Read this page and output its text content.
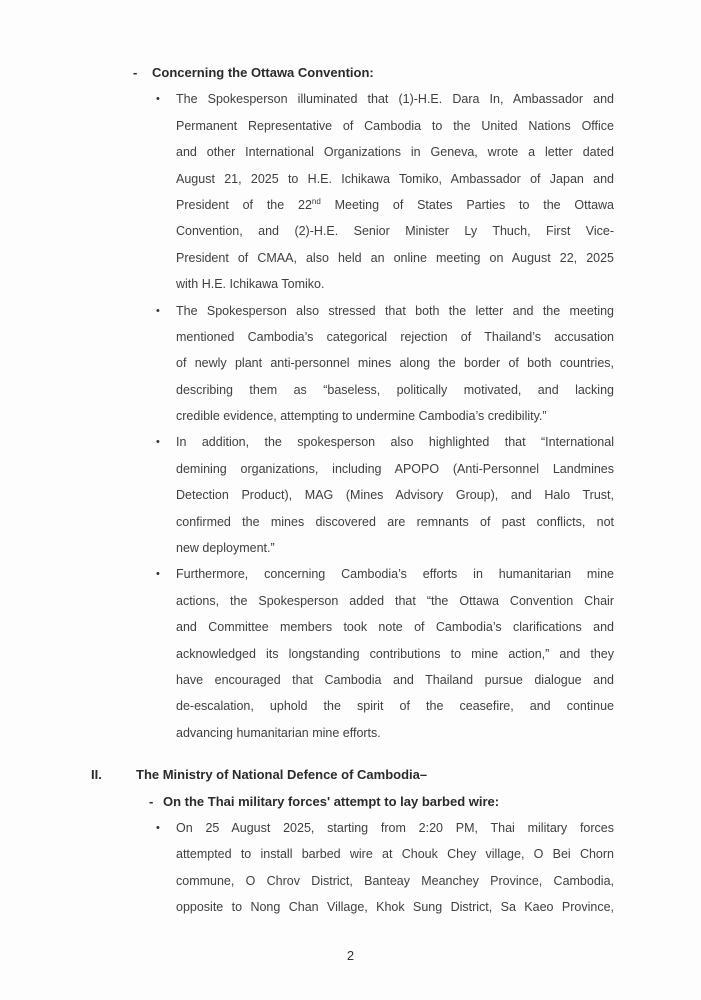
- Concerning the Ottawa Convention:
• The Spokesperson illuminated that (1)-H.E. Dara In, Ambassador and
Permanent Representative of Cambodia to the United Nations Office
and other International Organizations in Geneva, wrote a letter dated
August 21, 2025 to H.E. Ichikawa Tomiko, Ambassador of Japan and
President of the 22nd Meeting of States Parties to the Ottawa
Convention, and (2)-H.E. Senior Minister Ly Thuch, First Vice-
President of CMAA, also held an online meeting on August 22, 2025
with H.E. Ichikawa Tomiko.
• The Spokesperson also stressed that both the letter and the meeting
mentioned Cambodia’s categorical rejection of Thailand’s accusation
of newly plant anti-personnel mines along the border of both countries,
describing them as “baseless, politically motivated, and lacking
credible evidence, attempting to undermine Cambodia’s credibility.”
• In addition, the spokesperson also highlighted that “International
demining organizations, including APOPO (Anti-Personnel Landmines
Detection Product), MAG (Mines Advisory Group), and Halo Trust,
confirmed the mines discovered are remnants of past conflicts, not
new deployment.”
• Furthermore, concerning Cambodia’s efforts in humanitarian mine
actions, the Spokesperson added that “the Ottawa Convention Chair
and Committee members took note of Cambodia’s clarifications and
acknowledged its longstanding contributions to mine action,” and they
have encouraged that Cambodia and Thailand pursue dialogue and
de-escalation, uphold the spirit of the ceasefire, and continue
advancing humanitarian mine efforts.
II.	The Ministry of National Defence of Cambodia–
- On the Thai military forces' attempt to lay barbed wire:
• On 25 August 2025, starting from 2:20 PM, Thai military forces
attempted to install barbed wire at Chouk Chey village, O Bei Chorn
commune, O Chrov District, Banteay Meanchey Province, Cambodia,
opposite to Nong Chan Village, Khok Sung District, Sa Kaeo Province,
2
